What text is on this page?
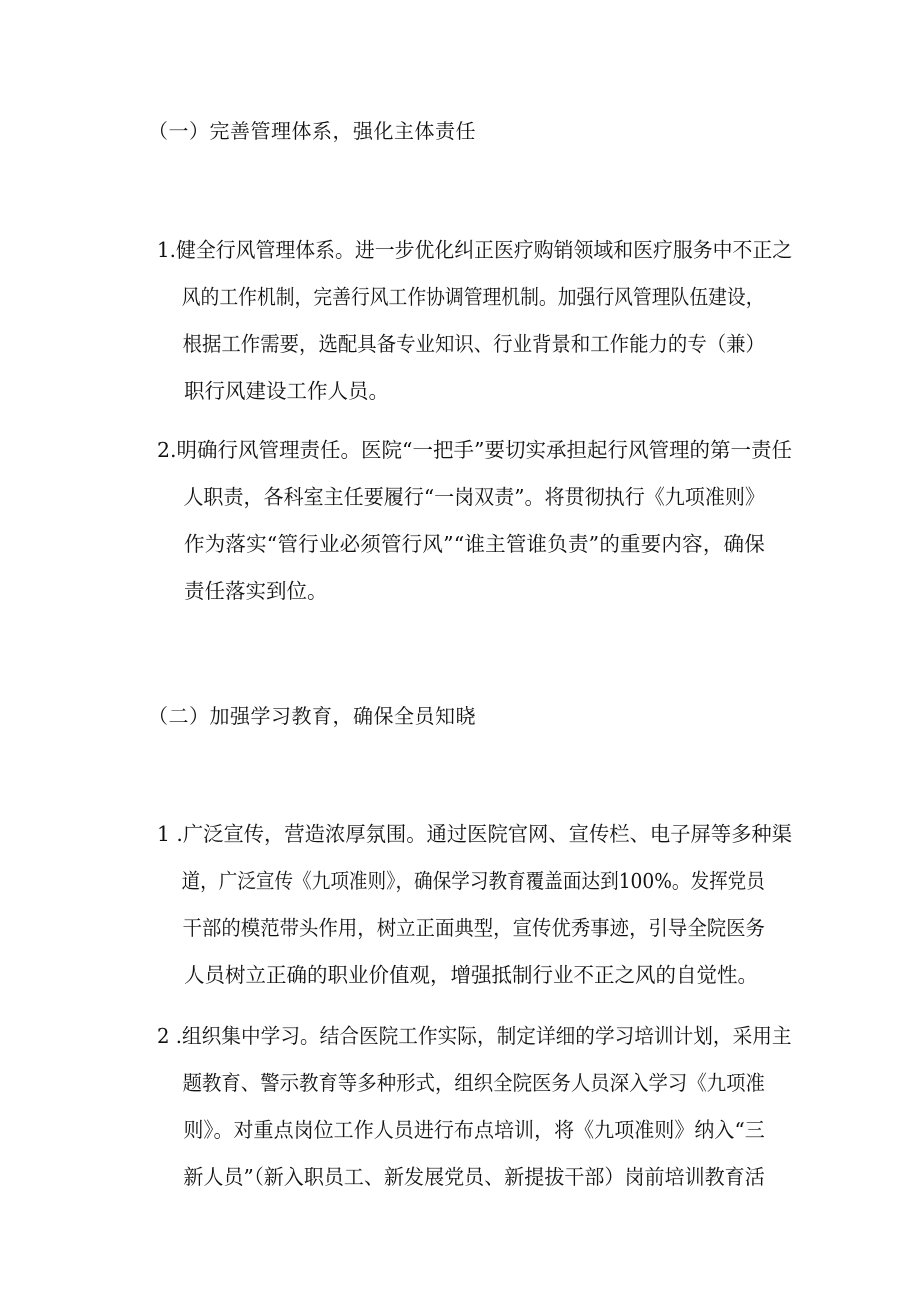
（一）完善管理体系，强化主体责任
1.健全行风管理体系。进一步优化纠正医疗购销领域和医疗服务中不正之
风的工作机制，完善行风工作协调管理机制。加强行风管理队伍建设，
根据工作需要，选配具备专业知识、行业背景和工作能力的专（兼）
职行风建设工作人员。
2.明确行风管理责任。医院“一把手”要切实承担起行风管理的第一责任
人职责，各科室主任要履行“一岗双责”。将贯彻执行《九项准则》
作为落实“管行业必须管行风”“谁主管谁负责”的重要内容，确保
责任落实到位。
（二）加强学习教育，确保全员知晓
1 .广泛宣传，营造浓厚氛围。通过医院官网、宣传栏、电子屏等多种渠
道，广泛宣传《九项准则》，确保学习教育覆盖面达到100%。发挥党员
干部的模范带头作用，树立正面典型，宣传优秀事迹，引导全院医务
人员树立正确的职业价值观，增强抵制行业不正之风的自觉性。
2 .组织集中学习。结合医院工作实际，制定详细的学习培训计划，采用主
题教育、警示教育等多种形式，组织全院医务人员深入学习《九项准
则》。对重点岗位工作人员进行布点培训，将《九项准则》纳入“三
新人员”（新入职员工、新发展党员、新提拔干部）岗前培训教育活
